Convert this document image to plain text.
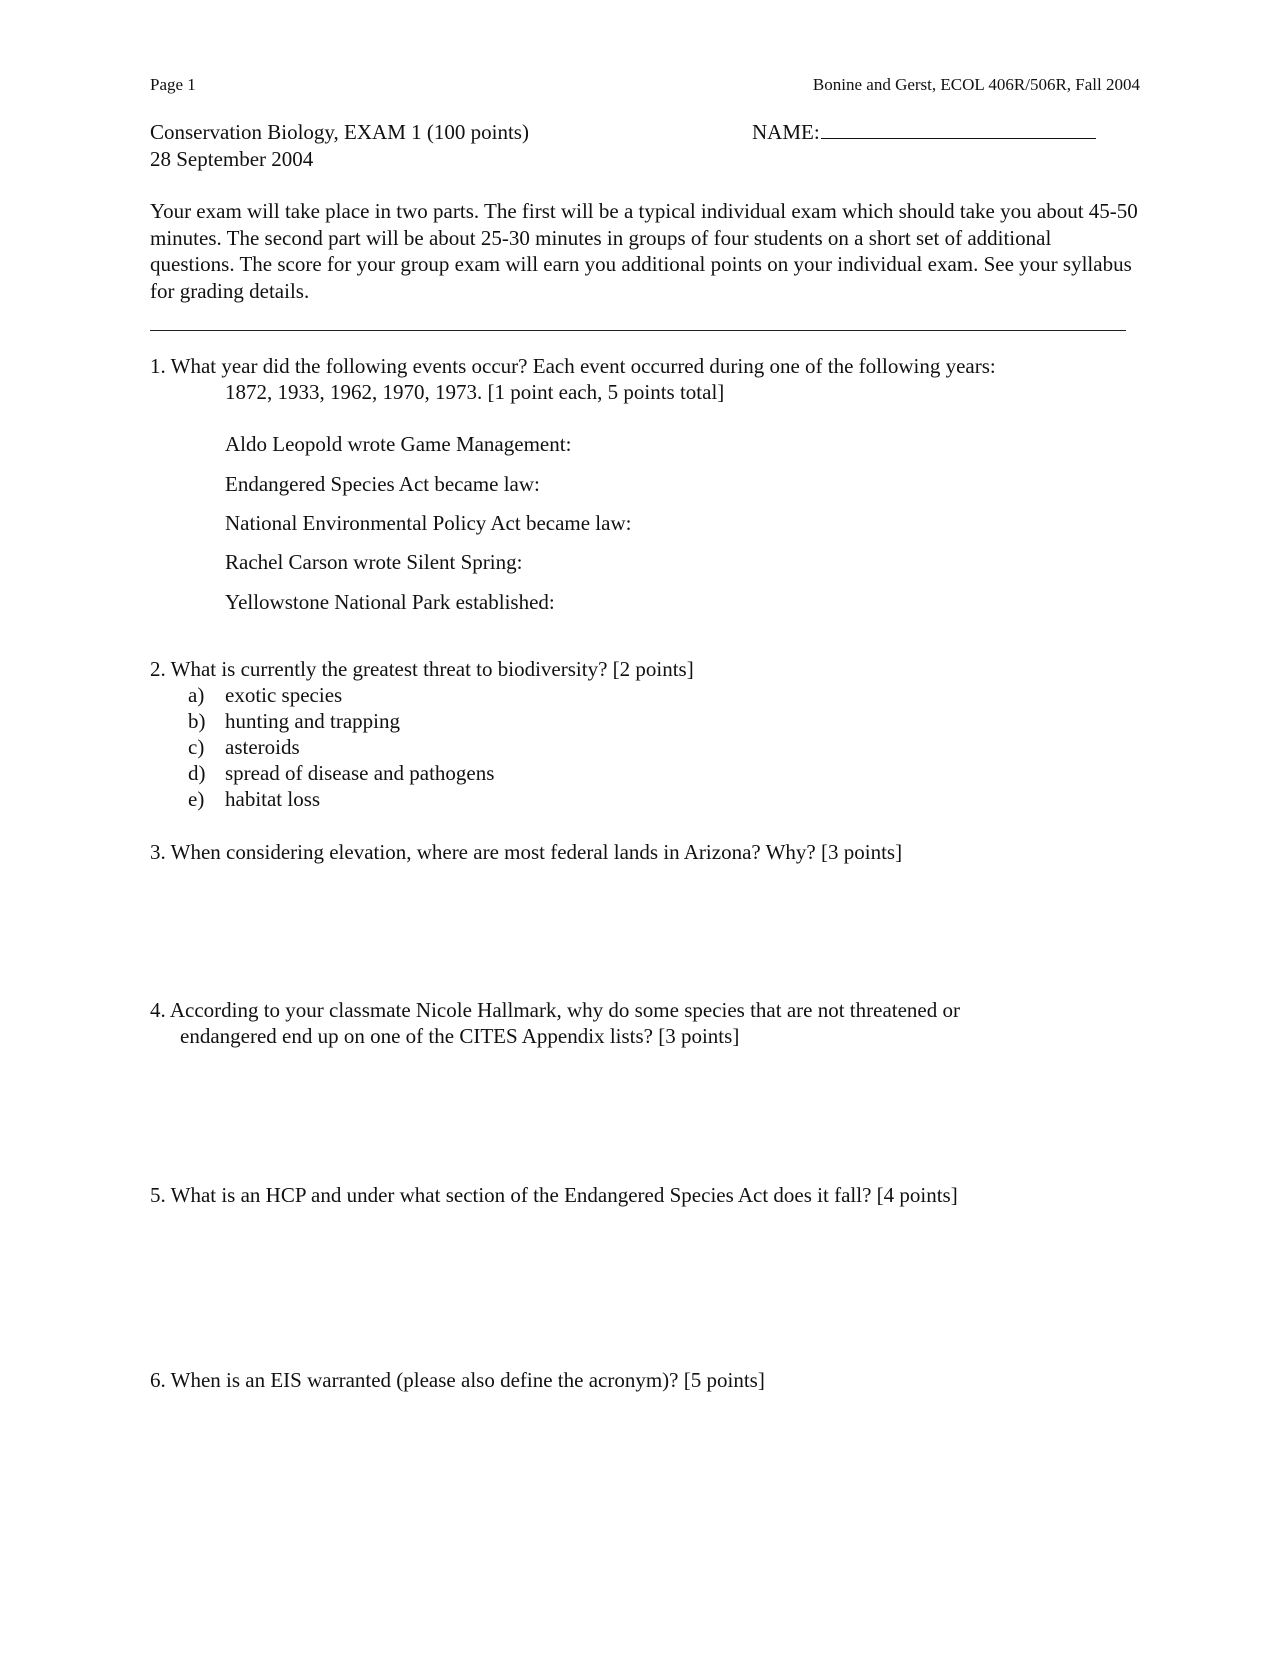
Page 1	Bonine and Gerst, ECOL 406R/506R, Fall 2004
Conservation Biology, EXAM 1 (100 points)
28 September 2004
NAME:
Your exam will take place in two parts. The first will be a typical individual exam which should take you about 45-50 minutes. The second part will be about 25-30 minutes in groups of four students on a short set of additional questions. The score for your group exam will earn you additional points on your individual exam. See your syllabus for grading details.
1. What year did the following events occur? Each event occurred during one of the following years:
1872, 1933, 1962, 1970, 1973. [1 point each, 5 points total]
Aldo Leopold wrote Game Management:
Endangered Species Act became law:
National Environmental Policy Act became law:
Rachel Carson wrote Silent Spring:
Yellowstone National Park established:
2. What is currently the greatest threat to biodiversity? [2 points]
a) exotic species
b) hunting and trapping
c) asteroids
d) spread of disease and pathogens
e) habitat loss
3. When considering elevation, where are most federal lands in Arizona? Why? [3 points]
4. According to your classmate Nicole Hallmark, why do some species that are not threatened or
endangered end up on one of the CITES Appendix lists? [3 points]
5. What is an HCP and under what section of the Endangered Species Act does it fall? [4 points]
6. When is an EIS warranted (please also define the acronym)? [5 points]
